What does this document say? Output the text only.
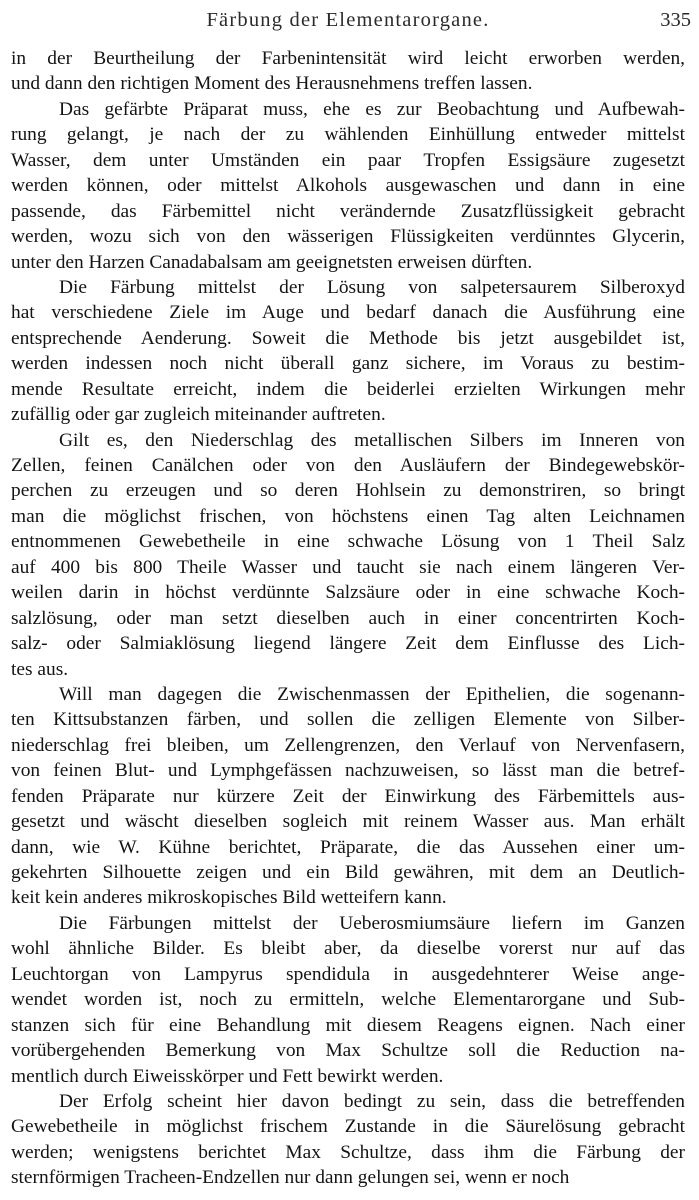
Färbung der Elementarorgane.	335
in der Beurtheilung der Farbenintensität wird leicht erworben werden,
und dann den richtigen Moment des Herausnehmens treffen lassen.
Das gefärbte Präparat muss, ehe es zur Beobachtung und Aufbewah-
rung gelangt, je nach der zu wählenden Einhüllung entweder mittelst
Wasser, dem unter Umständen ein paar Tropfen Essigsäure zugesetzt
werden können, oder mittelst Alkohols ausgewaschen und dann in eine
passende, das Färbemittel nicht verändernde Zusatzflüssigkeit gebracht
werden, wozu sich von den wässerigen Flüssigkeiten verdünntes Glycerin,
unter den Harzen Canadabalsam am geeignetsten erweisen dürften.
Die Färbung mittelst der Lösung von salpetersaurem Silberoxyd
hat verschiedene Ziele im Auge und bedarf danach die Ausführung eine
entsprechende Aenderung. Soweit die Methode bis jetzt ausgebildet ist,
werden indessen noch nicht überall ganz sichere, im Voraus zu bestim-
mende Resultate erreicht, indem die beiderlei erzielten Wirkungen mehr
zufällig oder gar zugleich miteinander auftreten.
Gilt es, den Niederschlag des metallischen Silbers im Inneren von
Zellen, feinen Canälchen oder von den Ausläufern der Bindegewebskör-
perchen zu erzeugen und so deren Hohlsein zu demonstriren, so bringt
man die möglichst frischen, von höchstens einen Tag alten Leichnamen
entnommenen Gewebetheile in eine schwache Lösung von 1 Theil Salz
auf 400 bis 800 Theile Wasser und taucht sie nach einem längeren Ver-
weilen darin in höchst verdünnte Salzsäure oder in eine schwache Koch-
salzlösung, oder man setzt dieselben auch in einer concentrirten Koch-
salz- oder Salmiaklösung liegend längere Zeit dem Einflusse des Lich-
tes aus.
Will man dagegen die Zwischenmassen der Epithelien, die sogenann-
ten Kittsubstanzen färben, und sollen die zelligen Elemente von Silber-
niederschlag frei bleiben, um Zellengrenzen, den Verlauf von Nervenfasern,
von feinen Blut- und Lymphgefässen nachzuweisen, so lässt man die betref-
fenden Präparate nur kürzere Zeit der Einwirkung des Färbemittels aus-
gesetzt und wäscht dieselben sogleich mit reinem Wasser aus. Man erhält
dann, wie W. Kühne berichtet, Präparate, die das Aussehen einer um-
gekehrten Silhouette zeigen und ein Bild gewähren, mit dem an Deutlich-
keit kein anderes mikroskopisches Bild wetteifern kann.
Die Färbungen mittelst der Ueberosmiumsäure liefern im Ganzen
wohl ähnliche Bilder. Es bleibt aber, da dieselbe vorerst nur auf das
Leuchtorgan von Lampyrus spendidula in ausgedehnterer Weise ange-
wendet worden ist, noch zu ermitteln, welche Elementarorgane und Sub-
stanzen sich für eine Behandlung mit diesem Reagens eignen. Nach einer
vorübergehenden Bemerkung von Max Schultze soll die Reduction na-
mentlich durch Eiweisskörper und Fett bewirkt werden.
Der Erfolg scheint hier davon bedingt zu sein, dass die betreffenden
Gewebetheile in möglichst frischem Zustande in die Säurelösung gebracht
werden; wenigstens berichtet Max Schultze, dass ihm die Färbung der
sternförmigen Tracheen-Endzellen nur dann gelungen sei, wenn er noch
